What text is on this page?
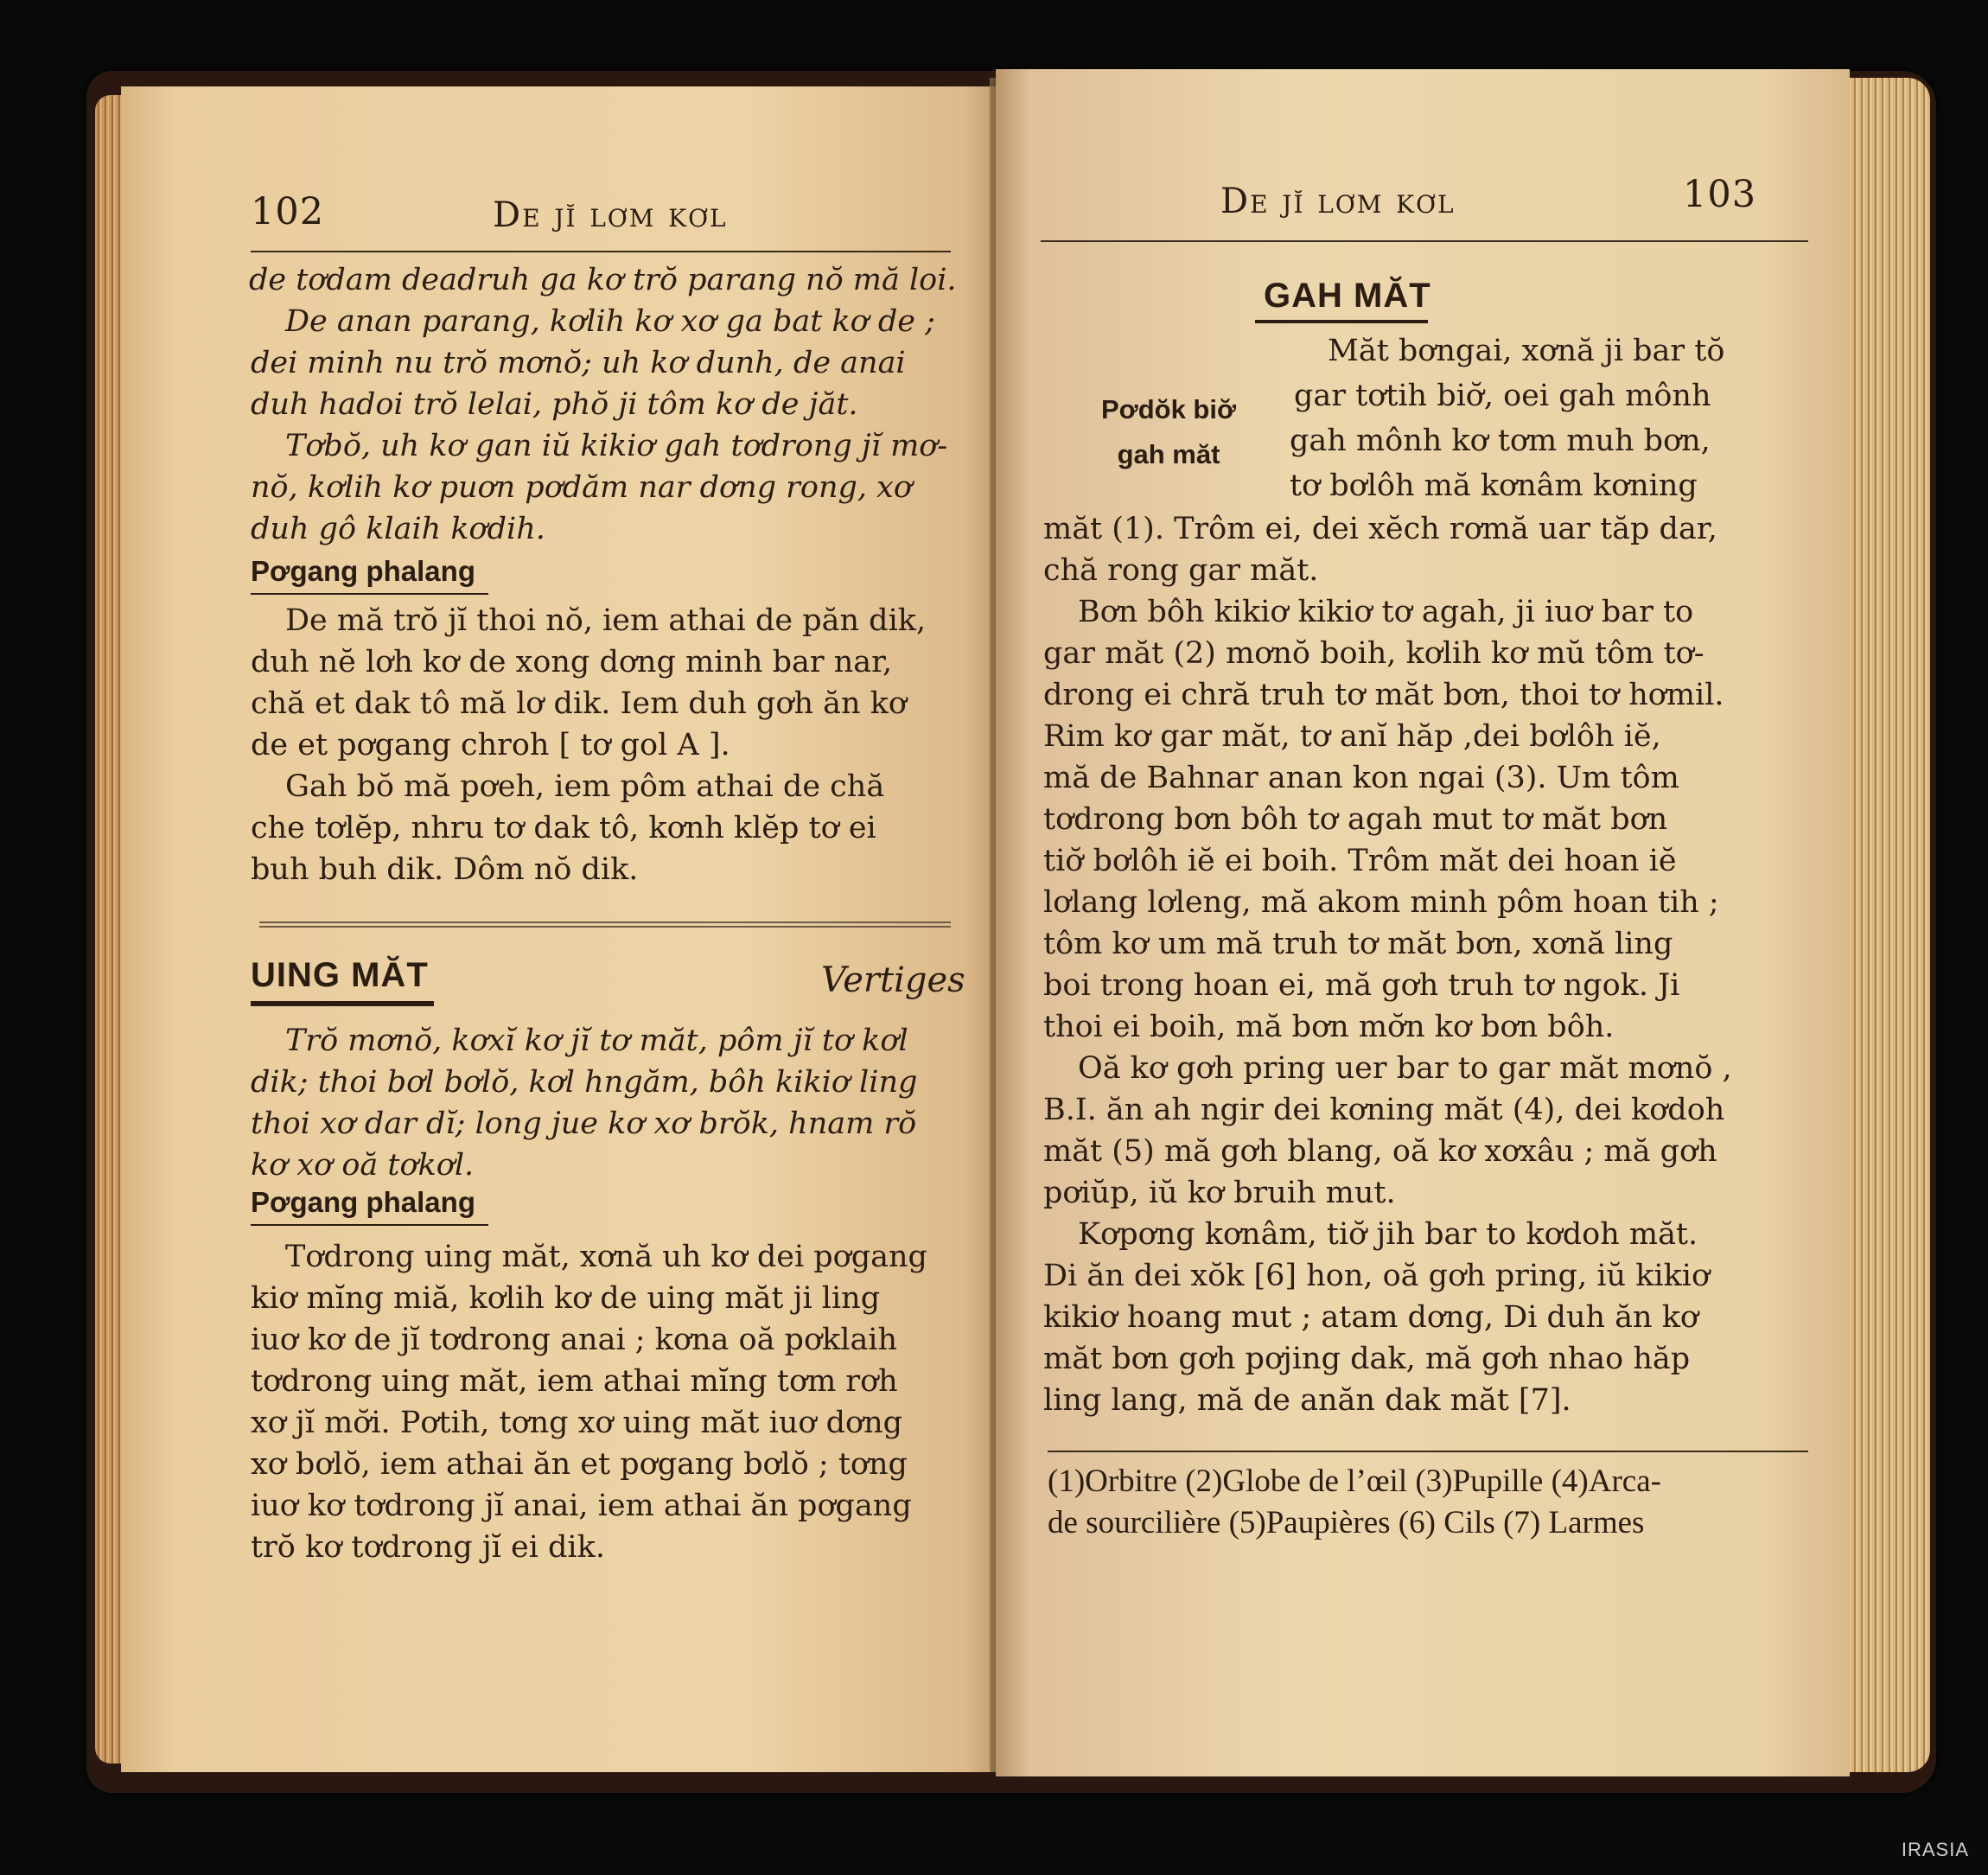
102	De jĭ lơm kơl
de tơdam deadruh ga kơ trŏ parang nŏ mă loi.
De anan parang, kơlih kơ xơ ga bat kơ de ;
dei minh nu trŏ mơnŏ; uh kơ dunh, de anai
duh hadoi trŏ lelai, phŏ ji tôm kơ de jăt.
Tơbŏ, uh kơ gan iŭ kikiơ gah tơdrong jĭ mơ-
nŏ, kơlih kơ puơn pơdăm nar dơng rong, xơ
duh gô klaih kơdih.
Pơgang phalang
De mă trŏ jĭ thoi nŏ, iem athai de păn dik,
duh nĕ lơh kơ de xong dơng minh bar nar,
chă et dak tô mă lơ dik. Iem duh gơh ăn kơ
de et pơgang chroh [ tơ gol A ].
Gah bŏ mă pơeh, iem pôm athai de chă
che tơlĕp, nhru tơ dak tô, kơnh klĕp tơ ei
buh buh dik. Dôm nŏ dik.
UING MĂT	Vertiges
Trŏ mơnŏ, kơxĭ kơ jĭ tơ măt, pôm jĭ tơ kơl
dik; thoi bơl bơlŏ, kơl hngăm, bôh kikiơ ling
thoi xơ dar dĭ; long jue kơ xơ brŏk, hnam rŏ
kơ xơ oă tơkơl.
Pơgang phalang
Tơdrong uing măt, xơnă uh kơ dei pơgang
kiơ mĭng miă, kơlih kơ de uing măt ji ling
iuơ kơ de jĭ tơdrong anai ; kơna oă pơklaih
tơdrong uing măt, iem athai mĭng tơm rơh
xơ jĭ mơ̆i. Pơtih, tơng xơ uing măt iuơ dơng
xơ bơlŏ, iem athai ăn et pơgang bơlŏ ; tơng
iuơ kơ tơdrong jĭ anai, iem athai ăn pơgang
trŏ kơ tơdrong jĭ ei dik.
De jĭ lơm kơl	103
GAH MĂT
Pơdŏk biơ̆
gah măt
Măt bơngai, xơnă ji bar tŏ
gar tơtih biơ̆, oei gah mônh
gah mônh kơ tơm muh bơn,
tơ bơlôh mă kơnâm kơning
măt (1). Trôm ei, dei xĕch rơmă uar tăp dar,
chă rong gar măt.
Bơn bôh kikiơ kikiơ tơ agah, ji iuơ bar to
gar măt (2) mơnŏ boih, kơlih kơ mŭ tôm tơ-
drong ei chră truh tơ măt bơn, thoi tơ hơmil.
Rim kơ gar măt, tơ anĭ hăp ,dei bơlôh iĕ,
mă de Bahnar anan kon ngai (3). Um tôm
tơdrong bơn bôh tơ agah mut tơ măt bơn
tiơ̆ bơlôh iĕ ei boih. Trôm măt dei hoan iĕ
lơlang lơleng, mă akom minh pôm hoan tih ;
tôm kơ um mă truh tơ măt bơn, xơnă ling
boi trong hoan ei, mă gơh truh tơ ngok. Ji
thoi ei boih, mă bơn mơ̆n kơ bơn bôh.
Oă kơ gơh pring uer bar to gar măt mơnŏ ,
B.I. ăn ah ngir dei kơning măt (4), dei kơdoh
măt (5) mă gơh blang, oă kơ xơxâu ; mă gơh
pơiŭp, iŭ kơ bruih mut.
Kơpơng kơnâm, tiơ̆ jih bar to kơdoh măt.
Di ăn dei xŏk [6] hon, oă gơh pring, iŭ kikiơ
kikiơ hoang mut ; atam dơng, Di duh ăn kơ
măt bơn gơh pơjing dak, mă gơh nhao hăp
ling lang, mă de anăn dak măt [7].
(1)Orbitre (2)Globe de l’œil (3)Pupille (4)Arca-
de sourcilière (5)Paupières (6) Cils (7) Larmes
IRASIA
